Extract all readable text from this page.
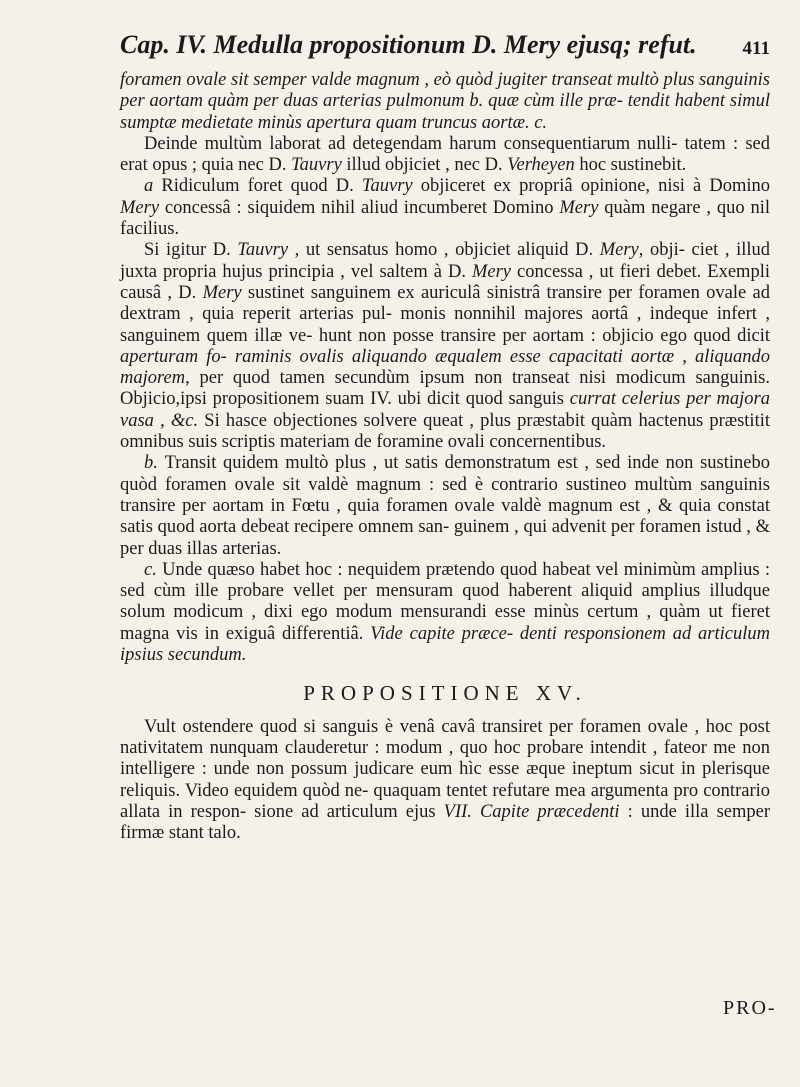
Cap. IV. Medulla propositionum D. Mery ejusq; refut. 411

foramen ovale sit semper valde magnum , eò quòd jugiter transeat multò plus sanguinis per aortam quàm per duas arterias pulmonum b. quæ cùm ille præ- tendit habent simul sumptæ medietate minùs apertura quam truncus aortæ. c.

Deinde multùm laborat ad detegendam harum consequentiarum nulli- tatem : sed erat opus ; quia nec D. Tauvry illud objiciet , nec D. Verheyen hoc sustinebit.

a Ridiculum foret quod D. Tauvry objiceret ex propriâ opinione, nisi à Domino Mery concessâ : siquidem nihil aliud incumberet Domino Mery quàm negare , quo nil facilius.

Si igitur D. Tauvry , ut sensatus homo , objiciet aliquid D. Mery, obji- ciet , illud juxta propria hujus principia , vel saltem à D. Mery concessa , ut fieri debet. Exempli causâ , D. Mery sustinet sanguinem ex auriculâ sinistrâ transire per foramen ovale ad dextram , quia reperit arterias pul- monis nonnihil majores aortâ , indeque infert , sanguinem quem illæ ve- hunt non posse transire per aortam : objicio ego quod dicit aperturam fo- raminis ovalis aliquando æqualem esse capacitati aortæ , aliquando majorem, per quod tamen secundùm ipsum non transeat nisi modicum sanguinis. Objicio,ipsi propositionem suam IV. ubi dicit quod sanguis currat celerius per majora vasa , &c. Si hasce objectiones solvere queat , plus præstabit quàm hactenus præstitit omnibus suis scriptis materiam de foramine ovali concernentibus.

b. Transit quidem multò plus , ut satis demonstratum est , sed inde non sustinebo quòd foramen ovale sit valdè magnum : sed è contrario sustineo multùm sanguinis transire per aortam in Fœtu , quia foramen ovale valdè magnum est , & quia constat satis quod aorta debeat recipere omnem san- guinem , qui advenit per foramen istud , & per duas illas arterias.

c. Unde quæso habet hoc : nequidem prætendo quod habeat vel minimùm amplius : sed cùm ille probare vellet per mensuram quod haberent aliquid amplius illudque solum modicum , dixi ego modum mensurandi esse minùs certum , quàm ut fieret magna vis in exiguâ differentiâ. Vide capite præce- denti responsionem ad articulum ipsius secundum.

PROPOSITIONE XV.

Vult ostendere quod si sanguis è venâ cavâ transiret per foramen ovale , hoc post nativitatem nunquam clauderetur : modum , quo hoc probare intendit , fateor me non intelligere : unde non possum judicare eum hìc esse æque ineptum sicut in plerisque reliquis. Video equidem quòd ne- quaquam tentet refutare mea argumenta pro contrario allata in respon- sione ad articulum ejus VII. Capite præcedenti : unde illa semper firmæ stant talo.

PRO-
